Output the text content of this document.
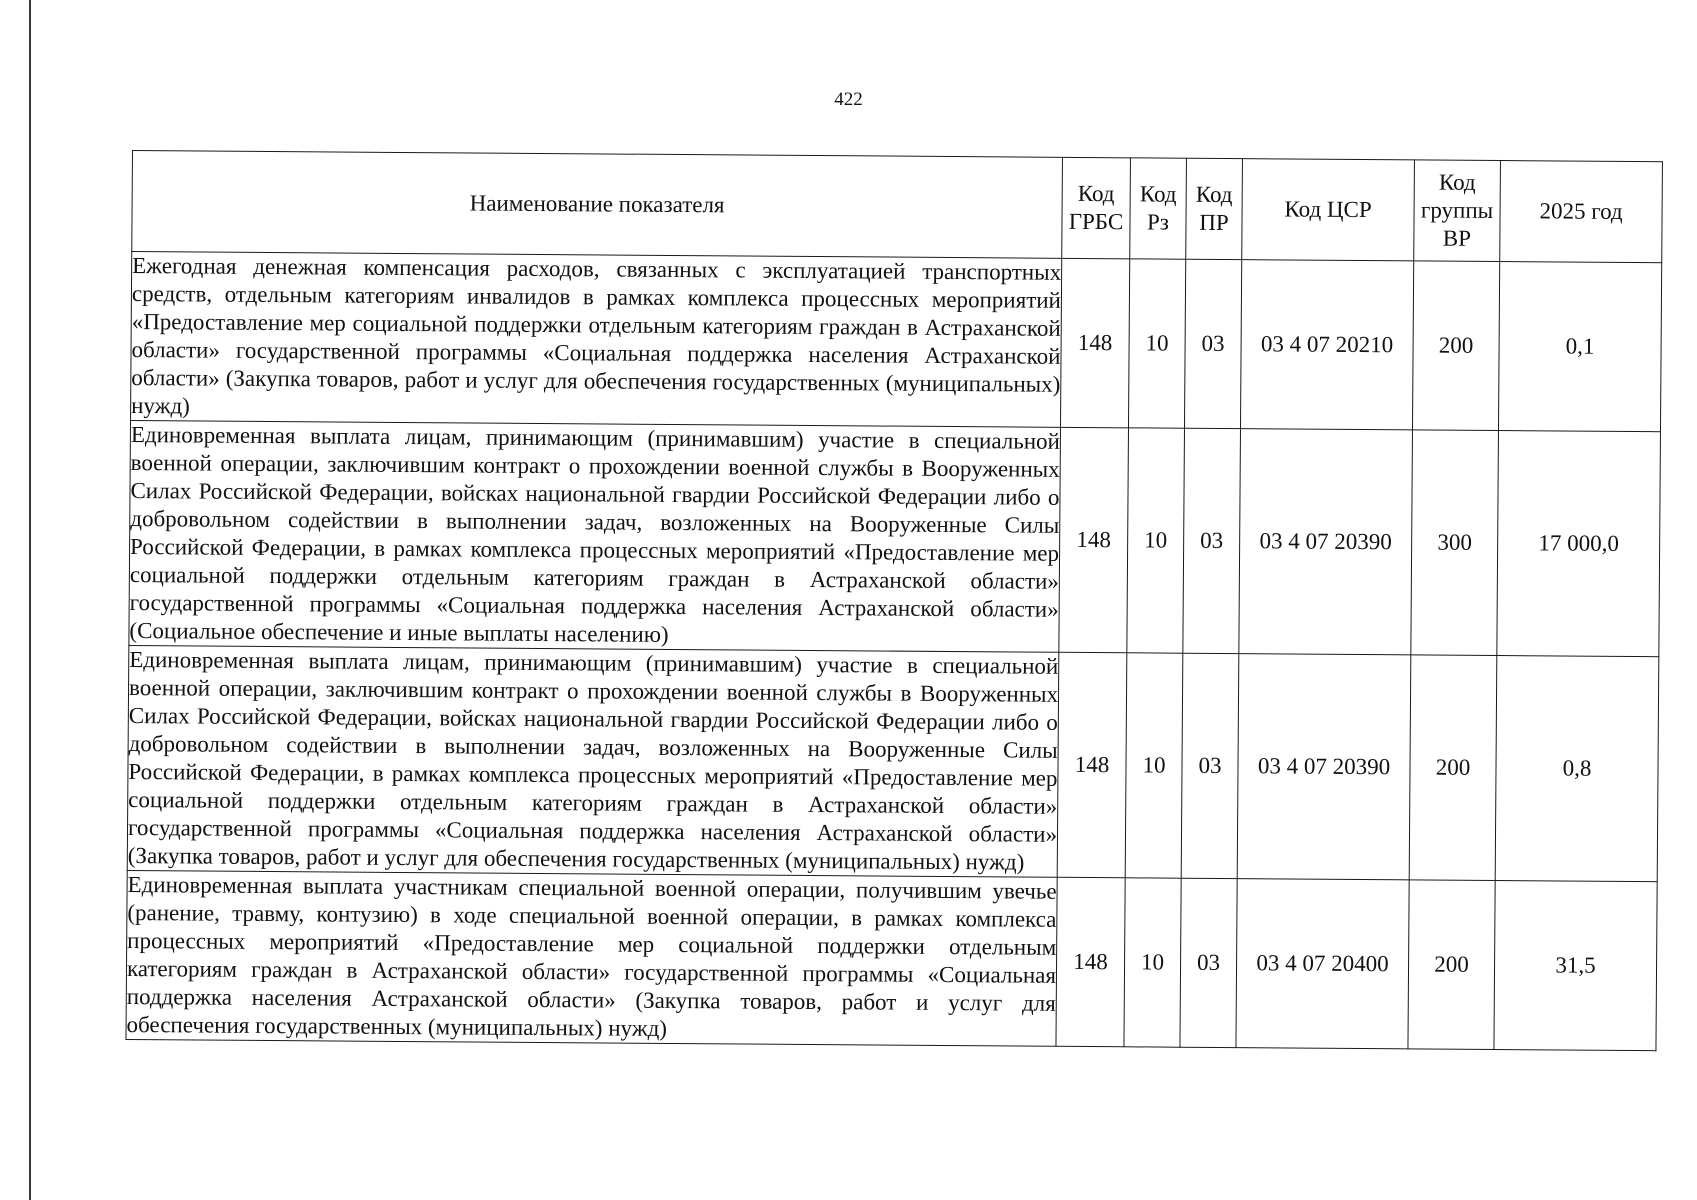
422
Наименование показателя	Код ГРБС	Код Рз	Код ПР	Код ЦСР	Код группы ВР	2025 год
Ежегодная денежная компенсация расходов, связанных с эксплуатацией транспортных средств, отдельным категориям инвалидов в рамках комплекса процессных мероприятий «Предоставление мер социальной поддержки отдельным категориям граждан в Астраханской области» государственной программы «Социальная поддержка населения Астраханской области» (Закупка товаров, работ и услуг для обеспечения государственных (муниципальных) нужд)	148	10	03	03 4 07 20210	200	0,1
Единовременная выплата лицам, принимающим (принимавшим) участие в специальной военной операции, заключившим контракт о прохождении военной службы в Вооруженных Силах Российской Федерации, войсках национальной гвардии Российской Федерации либо о добровольном содействии в выполнении задач, возложенных на Вооруженные Силы Российской Федерации, в рамках комплекса процессных мероприятий «Предоставление мер социальной поддержки отдельным категориям граждан в Астраханской области» государственной программы «Социальная поддержка населения Астраханской области» (Социальное обеспечение и иные выплаты населению)	148	10	03	03 4 07 20390	300	17 000,0
Единовременная выплата лицам, принимающим (принимавшим) участие в специальной военной операции, заключившим контракт о прохождении военной службы в Вооруженных Силах Российской Федерации, войсках национальной гвардии Российской Федерации либо о добровольном содействии в выполнении задач, возложенных на Вооруженные Силы Российской Федерации, в рамках комплекса процессных мероприятий «Предоставление мер социальной поддержки отдельным категориям граждан в Астраханской области» государственной программы «Социальная поддержка населения Астраханской области» (Закупка товаров, работ и услуг для обеспечения государственных (муниципальных) нужд)	148	10	03	03 4 07 20390	200	0,8
Единовременная выплата участникам специальной военной операции, получившим увечье (ранение, травму, контузию) в ходе специальной военной операции, в рамках комплекса процессных мероприятий «Предоставление мер социальной поддержки отдельным категориям граждан в Астраханской области» государственной программы «Социальная поддержка населения Астраханской области» (Закупка товаров, работ и услуг для обеспечения государственных (муниципальных) нужд)	148	10	03	03 4 07 20400	200	31,5
